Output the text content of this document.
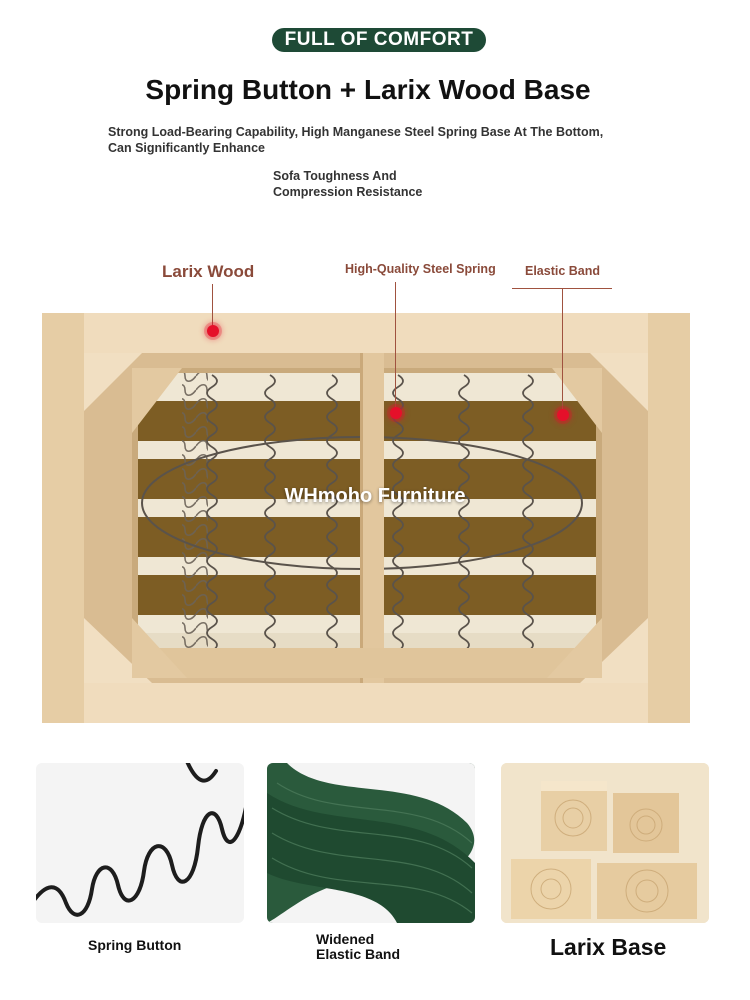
FULL OF COMFORT
Spring Button + Larix Wood Base
Strong Load-Bearing Capability, High Manganese Steel Spring Base At The Bottom,
Can Significantly Enhance
Sofa Toughness And
Compression Resistance
Larix Wood	High-Quality Steel Spring Elastic Band
WHmoho Furniture
Spring Button	Widened
Elastic Band	Larix Base
